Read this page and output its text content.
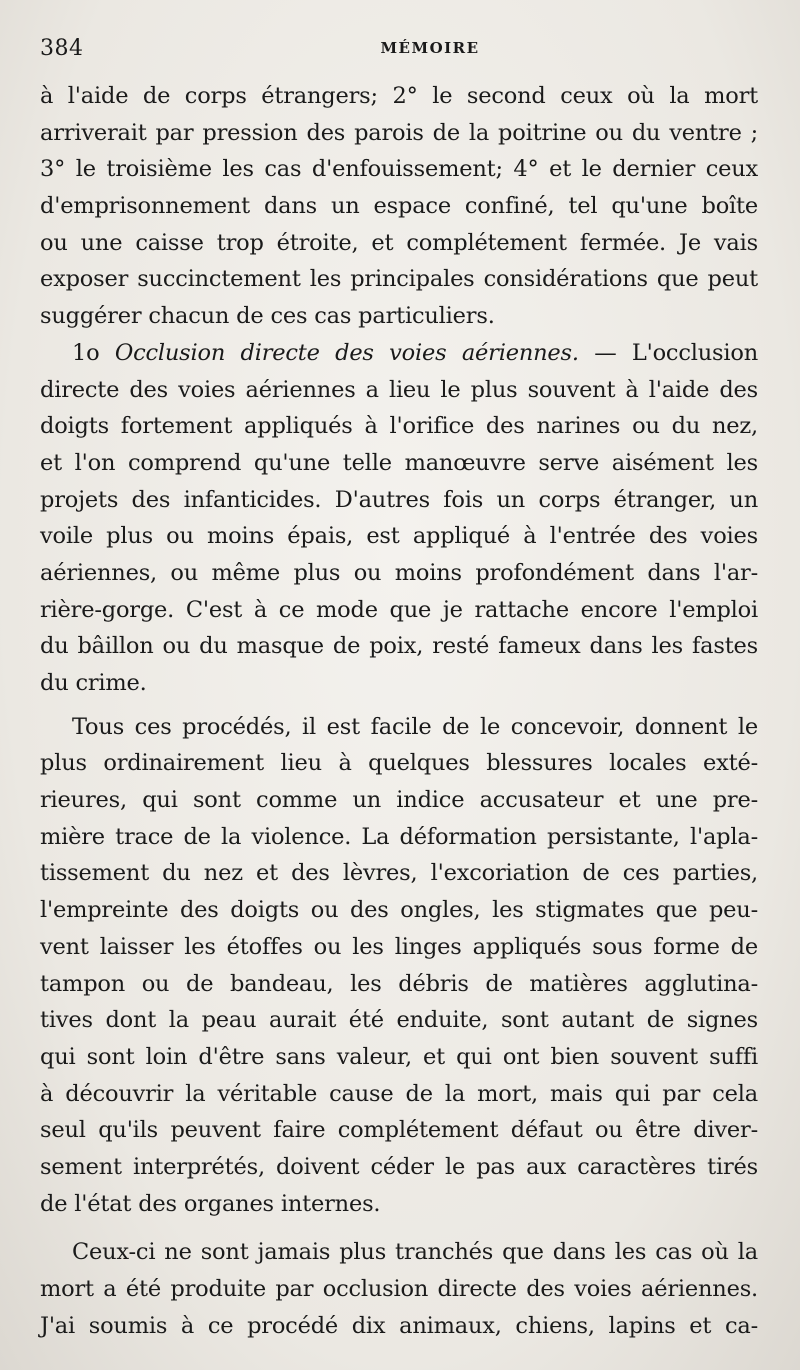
384	MÉMOIRE
à l'aide de corps étrangers; 2° le second ceux où la mort
arriverait par pression des parois de la poitrine ou du ventre ;
3° le troisième les cas d'enfouissement; 4° et le dernier ceux
d'emprisonnement dans un espace confiné, tel qu'une boîte
ou une caisse trop étroite, et complétement fermée. Je vais
exposer succinctement les principales considérations que peut
suggérer chacun de ces cas particuliers.
1o Occlusion directe des voies aériennes. — L'occlusion
directe des voies aériennes a lieu le plus souvent à l'aide des
doigts fortement appliqués à l'orifice des narines ou du nez,
et l'on comprend qu'une telle manœuvre serve aisément les
projets des infanticides. D'autres fois un corps étranger, un
voile plus ou moins épais, est appliqué à l'entrée des voies
aériennes, ou même plus ou moins profondément dans l'ar-
rière-gorge. C'est à ce mode que je rattache encore l'emploi
du bâillon ou du masque de poix, resté fameux dans les fastes
du crime.
Tous ces procédés, il est facile de le concevoir, donnent le
plus ordinairement lieu à quelques blessures locales exté-
rieures, qui sont comme un indice accusateur et une pre-
mière trace de la violence. La déformation persistante, l'apla-
tissement du nez et des lèvres, l'excoriation de ces parties,
l'empreinte des doigts ou des ongles, les stigmates que peu-
vent laisser les étoffes ou les linges appliqués sous forme de
tampon ou de bandeau, les débris de matières agglutina-
tives dont la peau aurait été enduite, sont autant de signes
qui sont loin d'être sans valeur, et qui ont bien souvent suffi
à découvrir la véritable cause de la mort, mais qui par cela
seul qu'ils peuvent faire complétement défaut ou être diver-
sement interprétés, doivent céder le pas aux caractères tirés
de l'état des organes internes.
Ceux-ci ne sont jamais plus tranchés que dans les cas où la
mort a été produite par occlusion directe des voies aériennes.
J'ai soumis à ce procédé dix animaux, chiens, lapins et ca-
